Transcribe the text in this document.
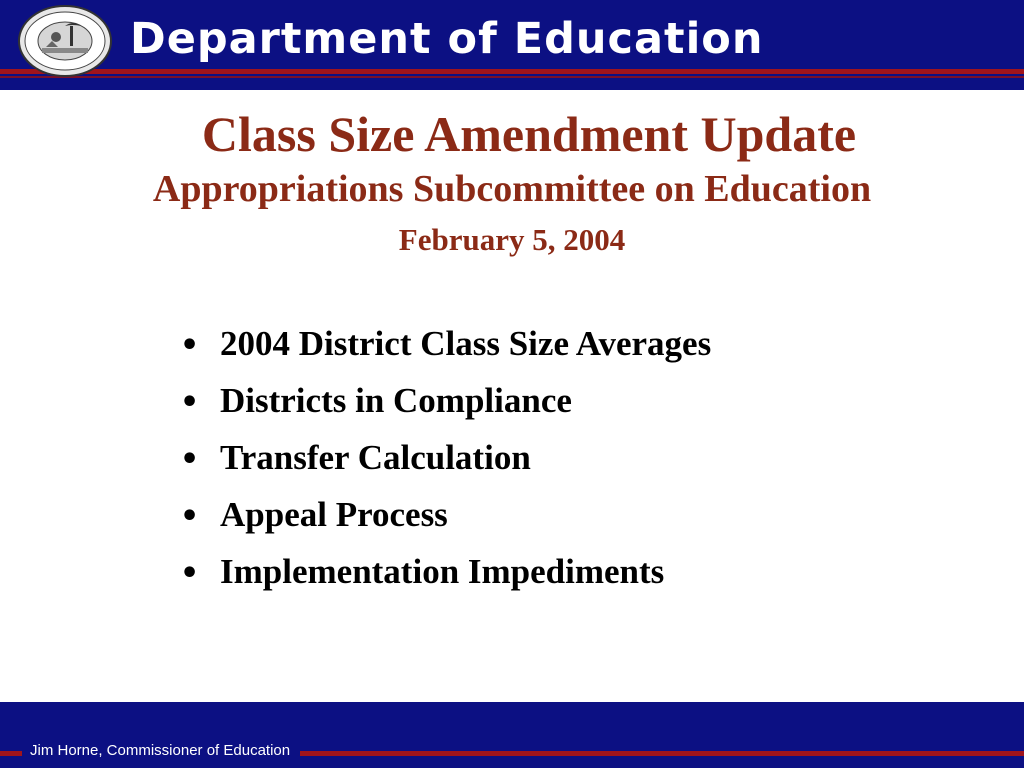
Department of Education
Class Size Amendment Update
Appropriations Subcommittee on Education
February 5, 2004
• 2004 District Class Size Averages
• Districts in Compliance
• Transfer Calculation
• Appeal Process
• Implementation Impediments
Jim Horne, Commissioner of Education
